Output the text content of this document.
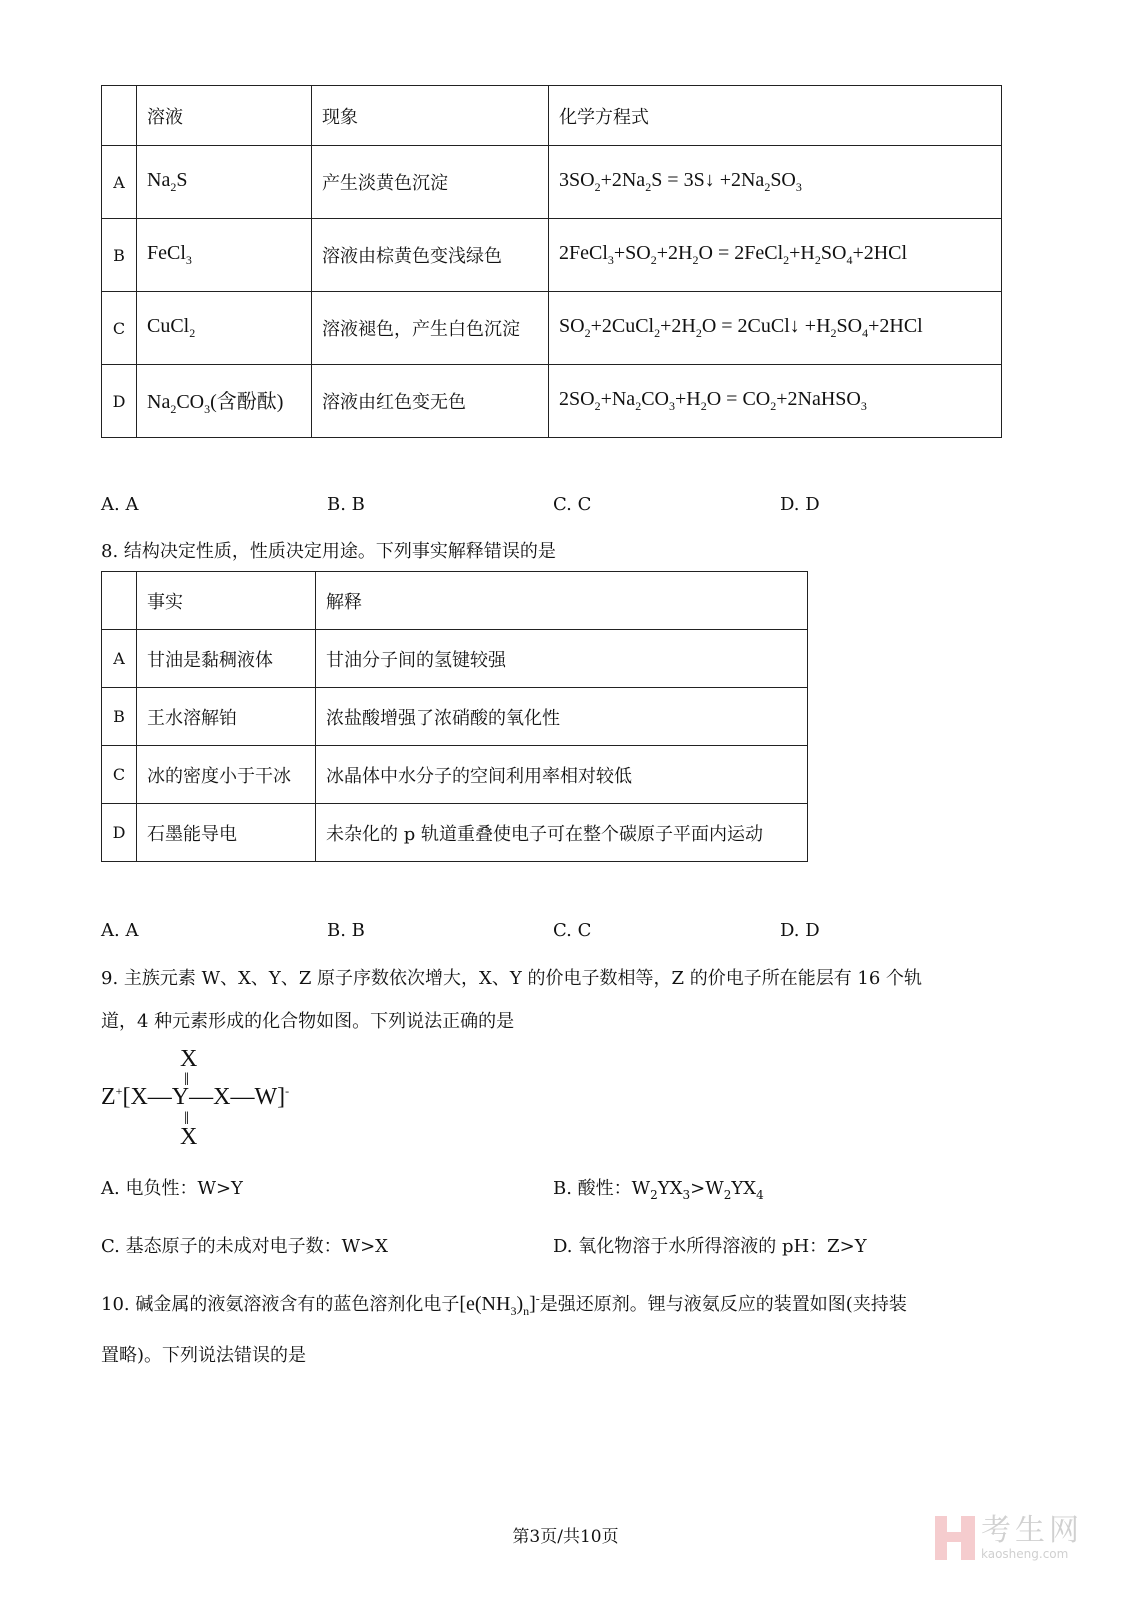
	溶液	现象	化学方程式
A	$Na_2S$	产生淡黄色沉淀	$3SO_2+2Na_2S$ = 3S↓ $+2Na_2SO_3$
B	FeCl$_3$	溶液由棕黄色变浅绿色	$2FeCl_3+SO_2+2H_2O$ = $2FeCl_2+H_2SO_4+2HCl$
C	CuCl$_2$	溶液褪色，产生白色沉淀	$SO_2+2CuCl_2+2H_2O$ = 2CuCl↓ $+H_2SO_4+2HCl$
D	$Na_2CO_3$(含酚酞)	溶液由红色变无色	$2SO_2+Na_2CO_3+H_2O$ = $CO_2+2NaHSO_3$
A. A	B. B	C. C	D. D
8. 结构决定性质，性质决定用途。下列事实解释错误的是
	事实	解释
A	甘油是黏稠液体	甘油分子间的氢键较强
B	王水溶解铂	浓盐酸增强了浓硝酸的氧化性
C	冰的密度小于干冰	冰晶体中水分子的空间利用率相对较低
D	石墨能导电	未杂化的 p 轨道重叠使电子可在整个碳原子平面内运动
A. A	B. B	C. C	D. D
9. 主族元素 W、X、Y、Z 原子序数依次增大，X、Y 的价电子数相等，Z 的价电子所在能层有 16 个轨
道，4 种元素形成的化合物如图。下列说法正确的是
X
‖
Z+[X—Y—X—W]-
‖
X
A. 电负性：W>Y	B. 酸性：$W_2YX_3>W_2YX_4$
C. 基态原子的未成对电子数：W>X	D. 氧化物溶于水所得溶液的 pH：Z>Y
10. 碱金属的液氨溶液含有的蓝色溶剂化电子$[e(NH_3)_n]^-$是强还原剂。锂与液氨反应的装置如图(夹持装
置略)。下列说法错误的是
第3页/共10页	考生网
kaosheng.com
